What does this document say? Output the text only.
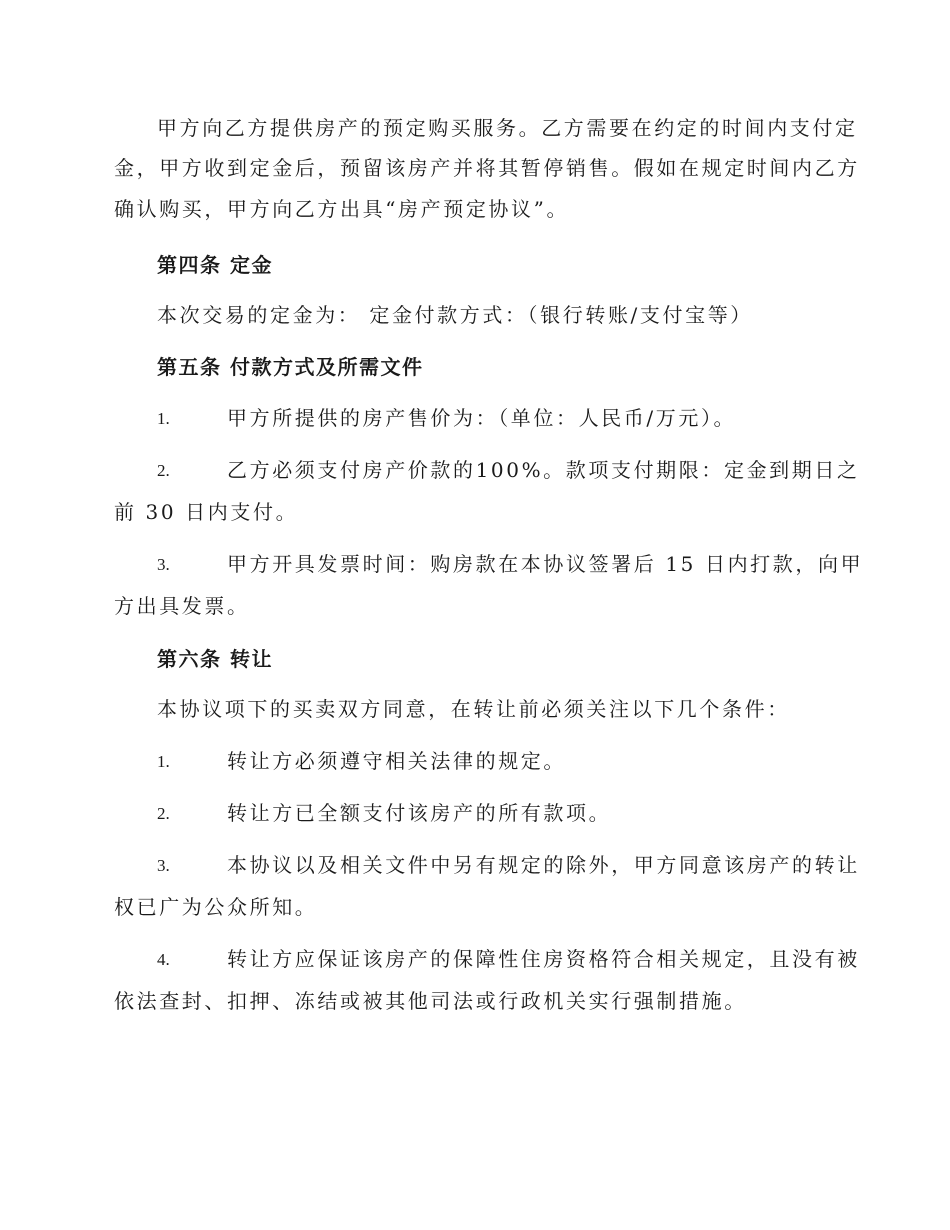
甲方向乙方提供房产的预定购买服务。乙方需要在约定的时间内支付定
金，甲方收到定金后，预留该房产并将其暂停销售。假如在规定时间内乙方
确认购买，甲方向乙方出具“房产预定协议”。
第四条 定金
本次交易的定金为： 定金付款方式：（银行转账/支付宝等）
第五条 付款方式及所需文件
1.	甲方所提供的房产售价为：（单位：人民币/万元）。
2.	乙方必须支付房产价款的100%。款项支付期限：定金到期日之
前 30 日内支付。
3.	甲方开具发票时间：购房款在本协议签署后 15 日内打款，向甲
方出具发票。
第六条 转让
本协议项下的买卖双方同意，在转让前必须关注以下几个条件：
1.	转让方必须遵守相关法律的规定。
2.	转让方已全额支付该房产的所有款项。
3.	本协议以及相关文件中另有规定的除外，甲方同意该房产的转让
权已广为公众所知。
4.	转让方应保证该房产的保障性住房资格符合相关规定，且没有被
依法查封、扣押、冻结或被其他司法或行政机关实行强制措施。
